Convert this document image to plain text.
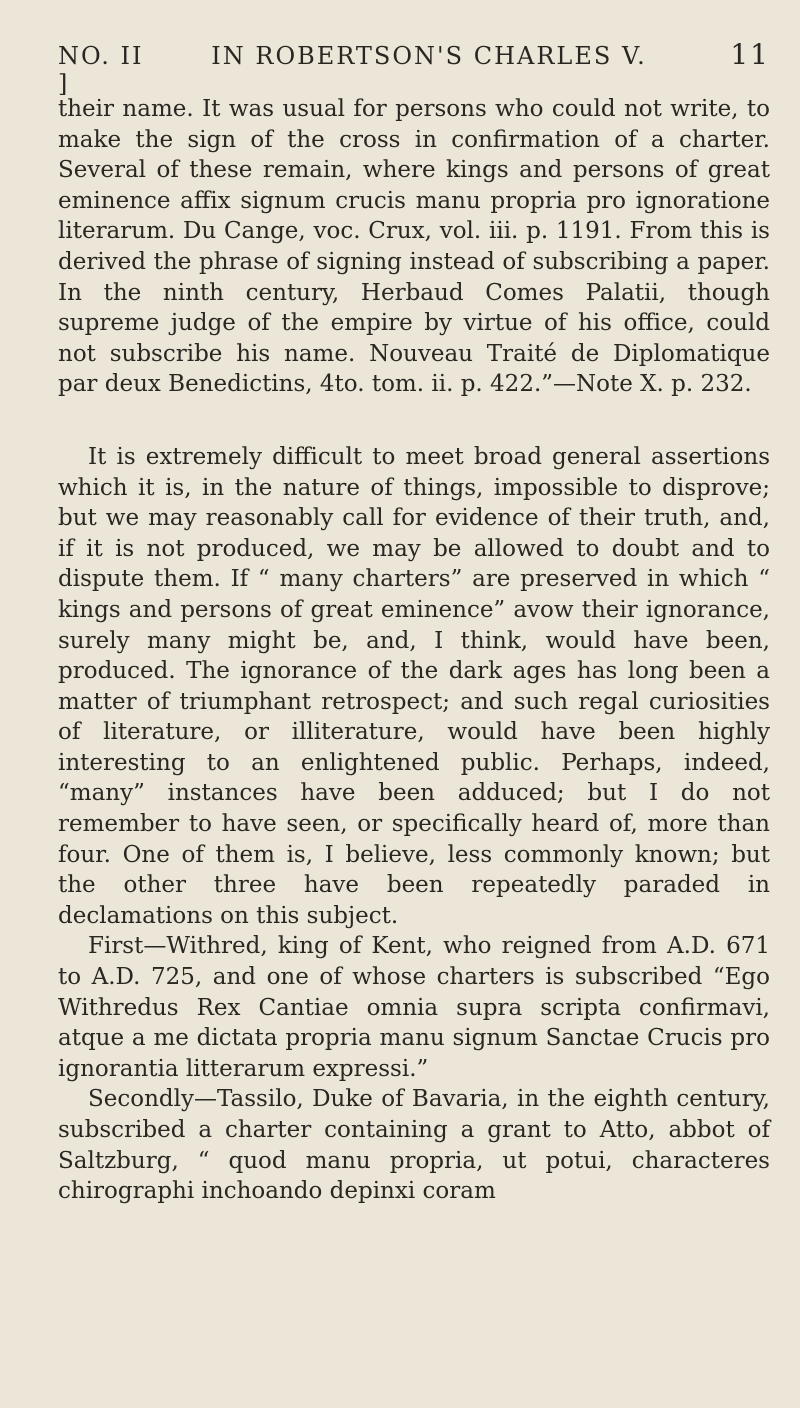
NO. II ]
IN ROBERTSON'S CHARLES V.	11

their name. It was usual for persons who could not write, to make the sign of the cross in confirmation of a charter. Several of these remain, where kings and persons of great eminence affix signum crucis manu propria pro ignoratione literarum. Du Cange, voc. Crux, vol. iii. p. 1191. From this is derived the phrase of signing instead of subscribing a paper. In the ninth century, Herbaud Comes Palatii, though supreme judge of the empire by virtue of his office, could not subscribe his name. Nouveau Traité de Diplomatique par deux Benedictins, 4to. tom. ii. p. 422.”—Note X. p. 232.

It is extremely difficult to meet broad general assertions which it is, in the nature of things, impossible to disprove; but we may reasonably call for evidence of their truth, and, if it is not produced, we may be allowed to doubt and to dispute them. If “ many charters” are preserved in which “ kings and persons of great eminence” avow their ignorance, surely many might be, and, I think, would have been, produced. The ignorance of the dark ages has long been a matter of triumphant retrospect; and such regal curiosities of literature, or illiterature, would have been highly interesting to an enlightened public. Perhaps, indeed, “many” instances have been adduced; but I do not remember to have seen, or specifically heard of, more than four. One of them is, I believe, less commonly known; but the other three have been repeatedly paraded in declamations on this subject.

First—Withred, king of Kent, who reigned from A.D. 671 to A.D. 725, and one of whose charters is subscribed “Ego Withredus Rex Cantiae omnia supra scripta confirmavi, atque a me dictata propria manu signum Sanctae Crucis pro ignorantia litterarum expressi.”

Secondly—Tassilo, Duke of Bavaria, in the eighth century, subscribed a charter containing a grant to Atto, abbot of Saltzburg, “ quod manu propria, ut potui, characteres chirographi inchoando depinxi coram
